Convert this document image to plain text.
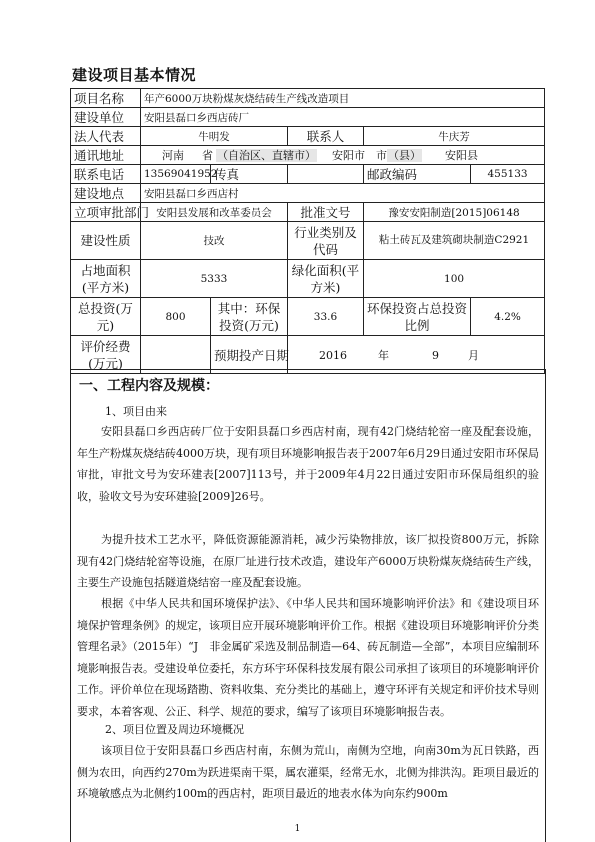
建设项目基本情况
项目名称	年产6000万块粉煤灰烧结砖生产线改造项目				
建设单位	安阳县磊口乡西店砖厂				
法人代表	牛明发		联系人	牛庆芳	
通讯地址	河南 省 （自治区、直辖市） 安阳市 市（县） 安阳县				
联系电话	13569041952	传真		邮政编码	455133
建设地点	安阳县磊口乡西店村				
立项审批部门	安阳县发展和改革委员会		批准文号	豫安安阳制造[2015]06148	
建设性质	技改		行业类别及代码	粘土砖瓦及建筑砌块制造C2921	
占地面积(平方米)	5333		绿化面积(平方米)	100	
总投资(万元)	800	其中：环保投资(万元)	33.6	环保投资占总投资比例	4.2%
评价经费(万元)		预期投产日期	2016 年 9 月		
一、工程内容及规模：
1、项目由来

安阳县磊口乡西店砖厂位于安阳县磊口乡西店村南，现有42门烧结轮窑一座及配套设施，年生产粉煤灰烧结砖4000万块，现有项目环境影响报告表于2007年6月29日通过安阳市环保局审批，审批文号为安环建表[2007]113号，并于2009年4月22日通过安阳市环保局组织的验收，验收文号为安环建验[2009]26号。

为提升技术工艺水平，降低资源能源消耗，减少污染物排放，该厂拟投资800万元，拆除现有42门烧结轮窑等设施，在原厂址进行技术改造，建设年产6000万块粉煤灰烧结砖生产线，主要生产设施包括隧道烧结窑一座及配套设施。

根据《中华人民共和国环境保护法》、《中华人民共和国环境影响评价法》和《建设项目环境保护管理条例》的规定，该项目应开展环境影响评价工作。根据《建设项目环境影响评价分类管理名录》（2015年）“J　非金属矿采选及制品制造—64、砖瓦制造—全部”，本项目应编制环境影响报告表。受建设单位委托，东方环宇环保科技发展有限公司承担了该项目的环境影响评价工作。评价单位在现场踏勘、资料收集、充分类比的基础上，遵守环评有关规定和评价技术导则要求，本着客观、公正、科学、规范的要求，编写了该项目环境影响报告表。

2、项目位置及周边环境概况

该项目位于安阳县磊口乡西店村南，东侧为荒山，南侧为空地，向南30m为瓦日铁路，西侧为农田，向西约270m为跃进渠南干渠，属农灌渠，经常无水，北侧为排洪沟。距项目最近的环境敏感点为北侧约100m的西店村，距项目最近的地表水体为向东约900m

1
